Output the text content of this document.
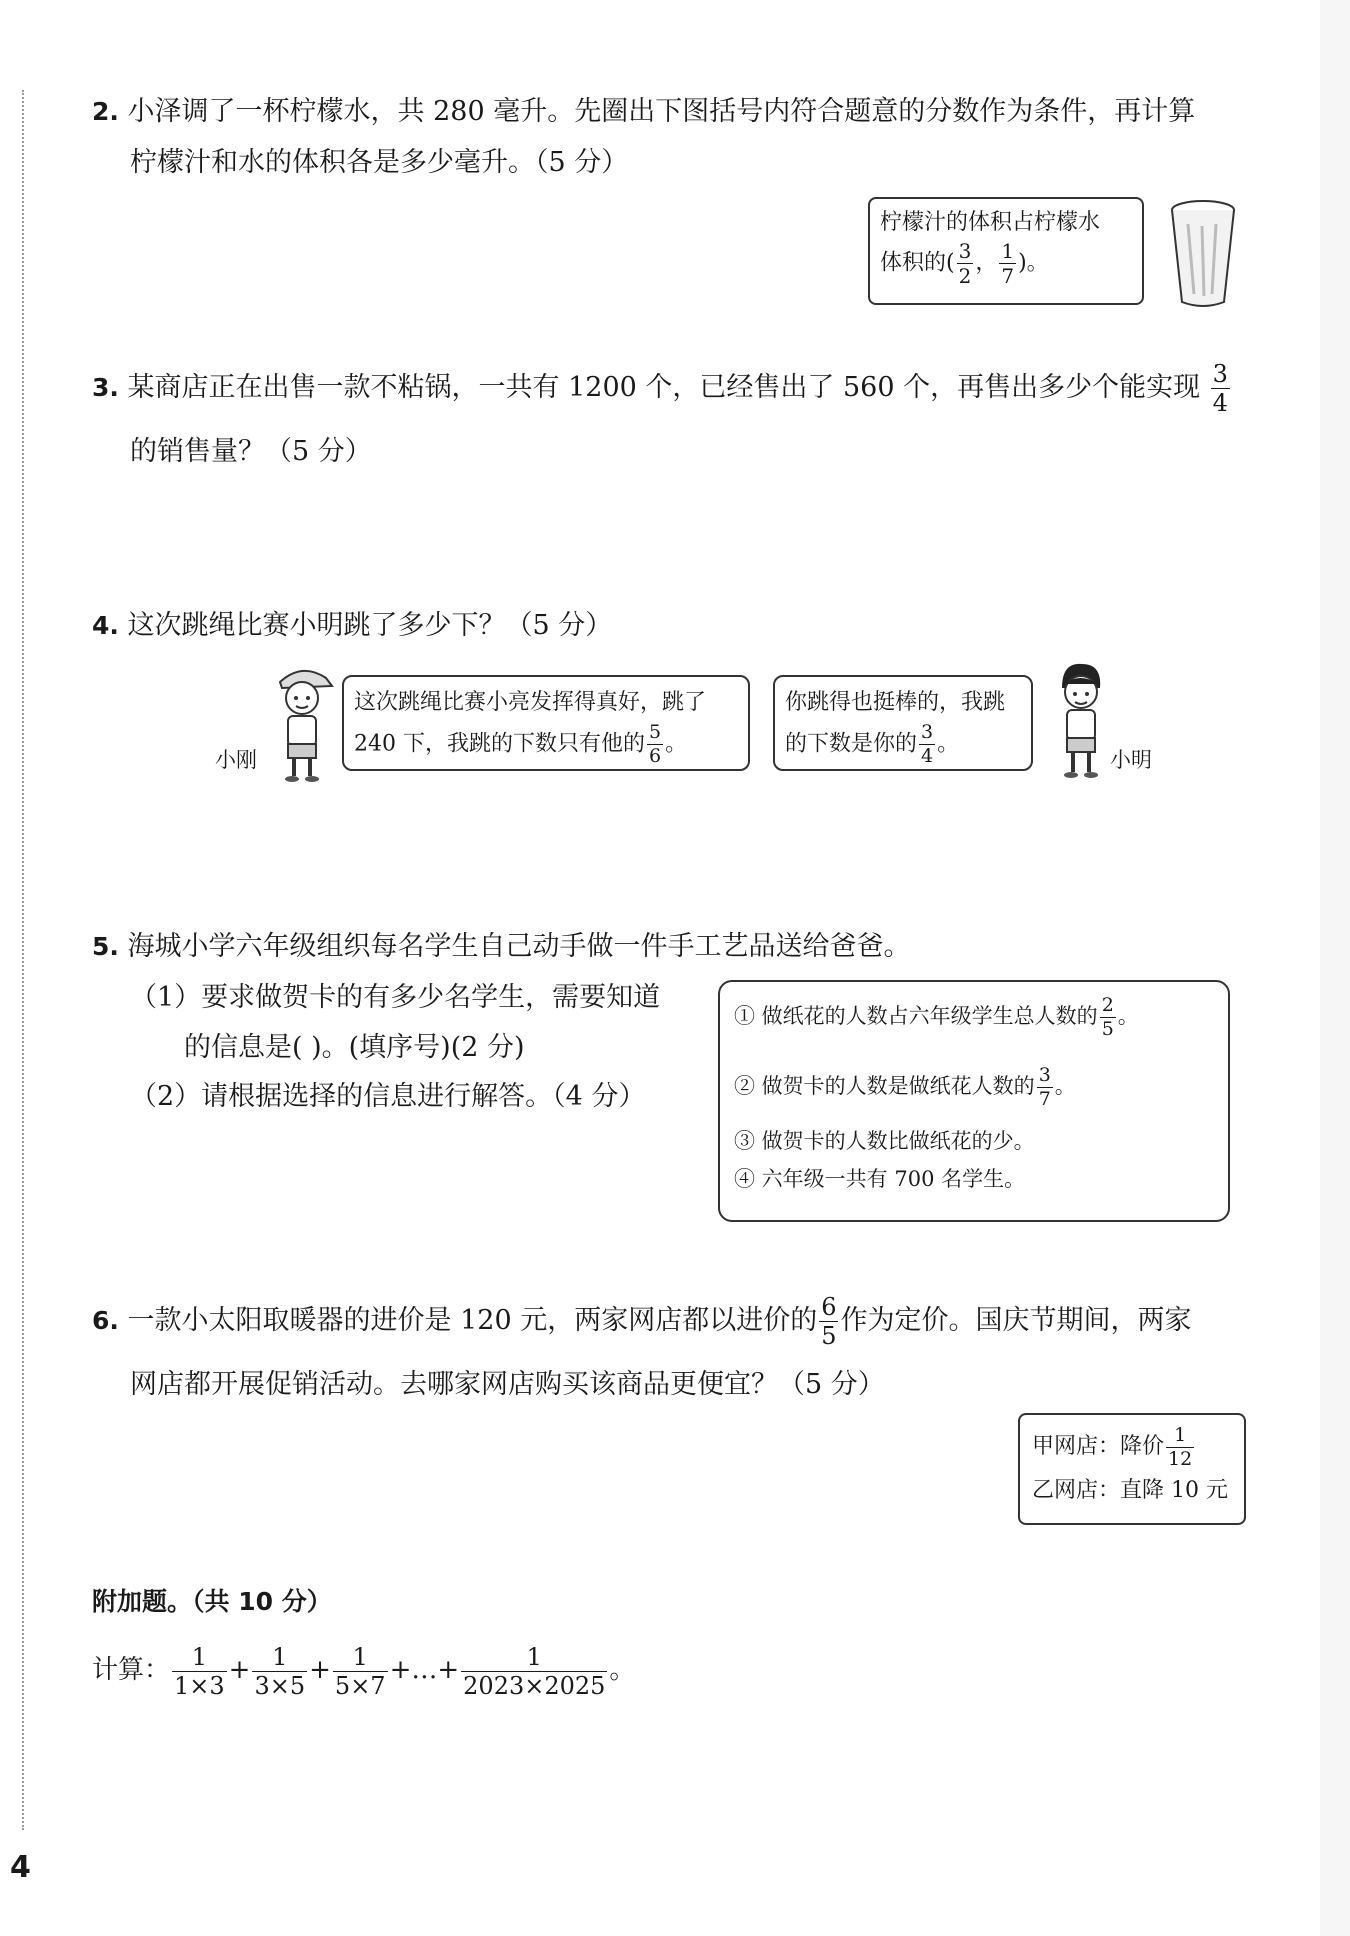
2. 小泽调了一杯柠檬水，共 280 毫升。先圈出下图括号内符合题意的分数作为条件，再计算
柠檬汁和水的体积各是多少毫升。（5 分）
柠檬汁的体积占柠檬水
体积的( $\frac{3}{2}$ ， $\frac{1}{7}$ )。
3. 某商店正在出售一款不粘锅，一共有 1200 个，已经售出了 560 个，再售出多少个能实现 $\frac{3}{4}$
的销售量？（5 分）
4. 这次跳绳比赛小明跳了多少下？（5 分）
小刚
这次跳绳比赛小亮发挥得真好，跳了
240 下，我跳的下数只有他的 $\frac{5}{6}$ 。
你跳得也挺棒的，我跳
的下数是你的 $\frac{3}{4}$ 。
小明
5. 海城小学六年级组织每名学生自己动手做一件手工艺品送给爸爸。
（1）要求做贺卡的有多少名学生，需要知道
的信息是( )。(填序号)(2 分)
（2）请根据选择的信息进行解答。（4 分）
① 做纸花的人数占六年级学生总人数的 $\frac{2}{5}$ 。
② 做贺卡的人数是做纸花人数的 $\frac{3}{7}$ 。
③ 做贺卡的人数比做纸花的少。
④ 六年级一共有 700 名学生。
6. 一款小太阳取暖器的进价是 120 元，两家网店都以进价的 $\frac{6}{5}$ 作为定价。国庆节期间，两家
网店都开展促销活动。去哪家网店购买该商品更便宜？（5 分）
甲网店：降价 $\frac{1}{12}$
乙网店：直降 10 元
附加题。（共 10 分）
计算： $\frac{1}{1\times 3} + \frac{1}{3\times 5} + \frac{1}{5\times 7}$ +…+ $\frac{1}{2023\times 2025}$ 。
4
